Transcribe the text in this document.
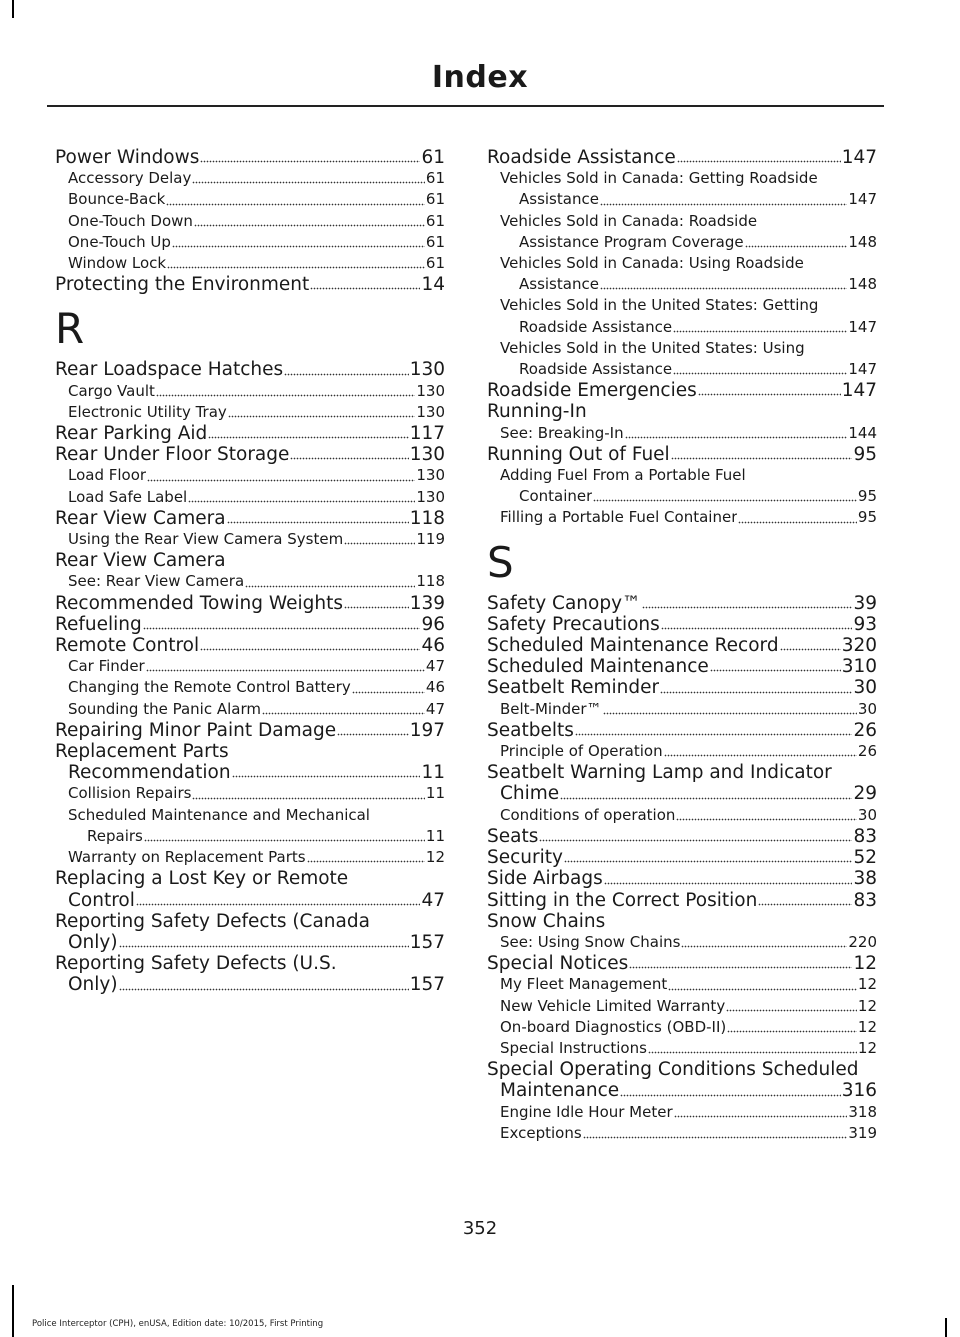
Index
Power Windows	61
Accessory Delay	61
Bounce-Back	61
One-Touch Down	61
One-Touch Up	61
Window Lock	61
Protecting the Environment	14
R
Rear Loadspace Hatches	130
Cargo Vault	130
Electronic Utility Tray	130
Rear Parking Aid	117
Rear Under Floor Storage	130
Load Floor	130
Load Safe Label	130
Rear View Camera	118
Using the Rear View Camera System	119
Rear View Camera
See: Rear View Camera	118
Recommended Towing Weights	139
Refueling	96
Remote Control	46
Car Finder	47
Changing the Remote Control Battery	46
Sounding the Panic Alarm	47
Repairing Minor Paint Damage	197
Replacement Parts
Recommendation	11
Collision Repairs	11
Scheduled Maintenance and Mechanical
Repairs	11
Warranty on Replacement Parts	12
Replacing a Lost Key or Remote
Control	47
Reporting Safety Defects (Canada
Only)	157
Reporting Safety Defects (U.S.
Only)	157
Roadside Assistance	147
Vehicles Sold in Canada: Getting Roadside
Assistance	147
Vehicles Sold in Canada: Roadside
Assistance Program Coverage	148
Vehicles Sold in Canada: Using Roadside
Assistance	148
Vehicles Sold in the United States: Getting
Roadside Assistance	147
Vehicles Sold in the United States: Using
Roadside Assistance	147
Roadside Emergencies	147
Running-In
See: Breaking-In	144
Running Out of Fuel	95
Adding Fuel From a Portable Fuel
Container	95
Filling a Portable Fuel Container	95
S
Safety Canopy™	39
Safety Precautions	93
Scheduled Maintenance Record	320
Scheduled Maintenance	310
Seatbelt Reminder	30
Belt-Minder™	30
Seatbelts	26
Principle of Operation	26
Seatbelt Warning Lamp and Indicator
Chime	29
Conditions of operation	30
Seats	83
Security	52
Side Airbags	38
Sitting in the Correct Position	83
Snow Chains
See: Using Snow Chains	220
Special Notices	12
My Fleet Management	12
New Vehicle Limited Warranty	12
On-board Diagnostics (OBD-II)	12
Special Instructions	12
Special Operating Conditions Scheduled
Maintenance	316
Engine Idle Hour Meter	318
Exceptions	319
352
Police Interceptor (CPH), enUSA, Edition date: 10/2015, First Printing
